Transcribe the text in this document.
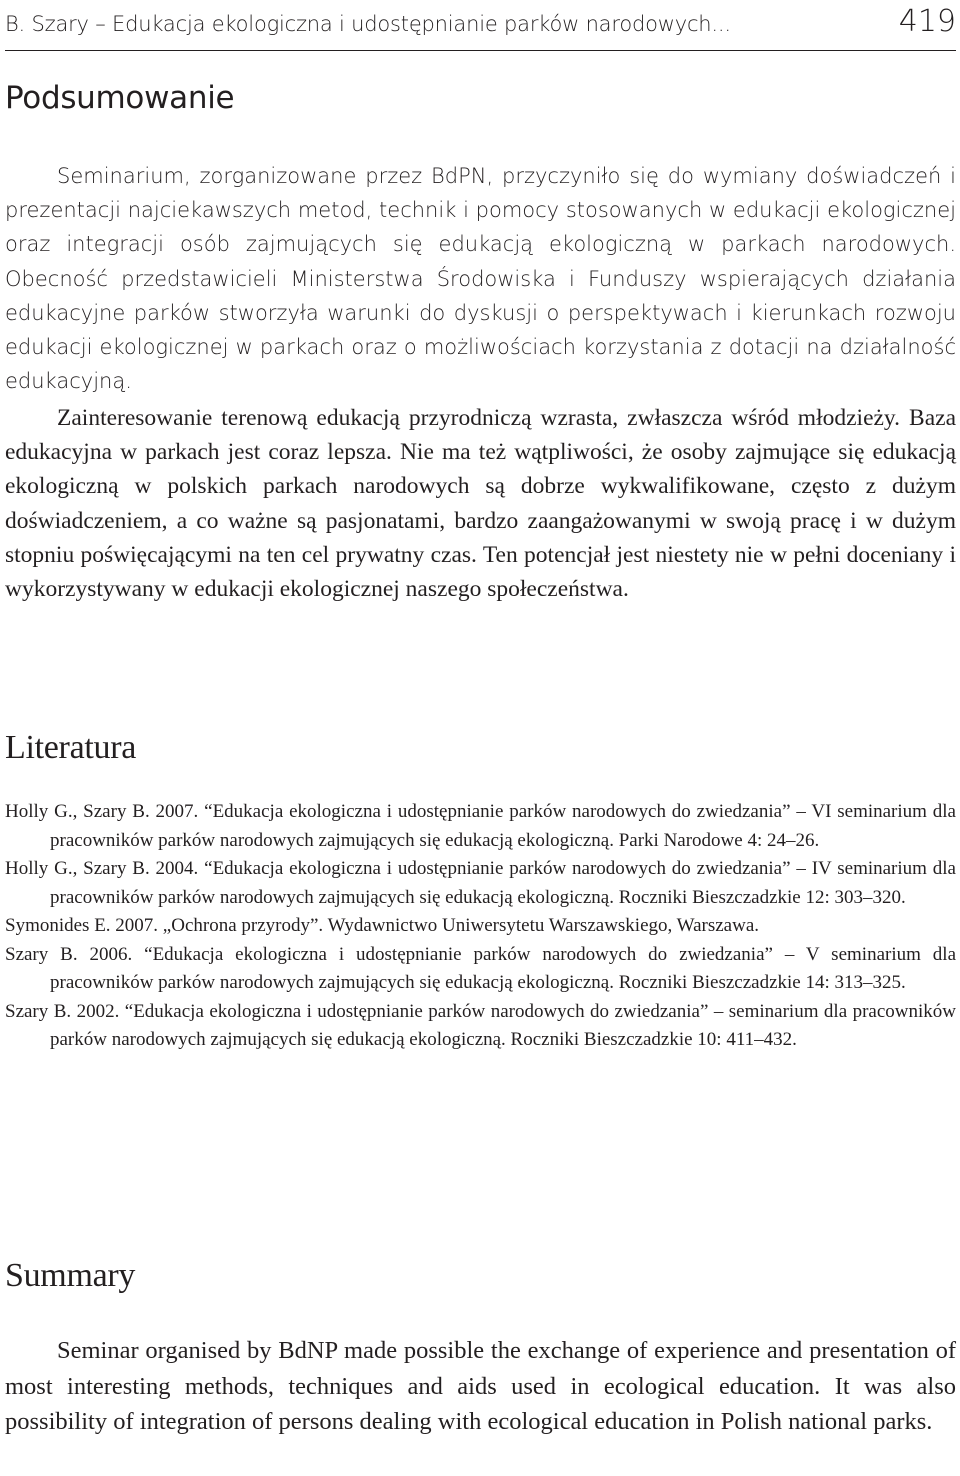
B. Szary – Edukacja ekologiczna i udostępnianie parków narodowych...	419
Podsumowanie

Seminarium, zorganizowane przez BdPN, przyczyniło się do wymiany doświadczeń i prezentacji najciekawszych metod, technik i pomocy stosowanych w edukacji ekologicznej oraz integracji osób zajmujących się edukacją ekologiczną w parkach narodowych. Obecność przedstawicieli Ministerstwa Środowiska i Funduszy wspierających działania edukacyjne parków stworzyła warunki do dyskusji o perspektywach i kierunkach rozwoju edukacji ekologicznej w parkach oraz o możliwościach korzystania z dotacji na działalność edukacyjną.

Zainteresowanie terenową edukacją przyrodniczą wzrasta, zwłaszcza wśród młodzieży. Baza edukacyjna w parkach jest coraz lepsza. Nie ma też wątpliwości, że osoby zajmujące się edukacją ekologiczną w polskich parkach narodowych są dobrze wykwalifikowane, często z dużym doświadczeniem, a co ważne są pasjonatami, bardzo zaangażowanymi w swoją pracę i w dużym stopniu poświęcającymi na ten cel prywatny czas. Ten potencjał jest niestety nie w pełni doceniany i wykorzystywany w edukacji ekologicznej naszego społeczeństwa.

Literatura

Holly G., Szary B. 2007. “Edukacja ekologiczna i udostępnianie parków narodowych do zwiedzania” – VI seminarium dla pracowników parków narodowych zajmujących się edukacją ekologiczną. Parki Narodowe 4: 24–26.

Holly G., Szary B. 2004. “Edukacja ekologiczna i udostępnianie parków narodowych do zwiedzania” – IV seminarium dla pracowników parków narodowych zajmujących się edukacją ekologiczną. Roczniki Bieszczadzkie 12: 303–320.

Symonides E. 2007. „Ochrona przyrody”. Wydawnictwo Uniwersytetu Warszawskiego, Warszawa.

Szary B. 2006. “Edukacja ekologiczna i udostępnianie parków narodowych do zwiedzania” – V seminarium dla pracowników parków narodowych zajmujących się edukacją ekologiczną. Roczniki Bieszczadzkie 14: 313–325.

Szary B. 2002. “Edukacja ekologiczna i udostępnianie parków narodowych do zwiedzania” – seminarium dla pracowników parków narodowych zajmujących się edukacją ekologiczną. Roczniki Bieszczadzkie 10: 411–432.

Summary

Seminar organised by BdNP made possible the exchange of experience and presentation of most interesting methods, techniques and aids used in ecological education. It was also possibility of integration of persons dealing with ecological education in Polish national parks.
